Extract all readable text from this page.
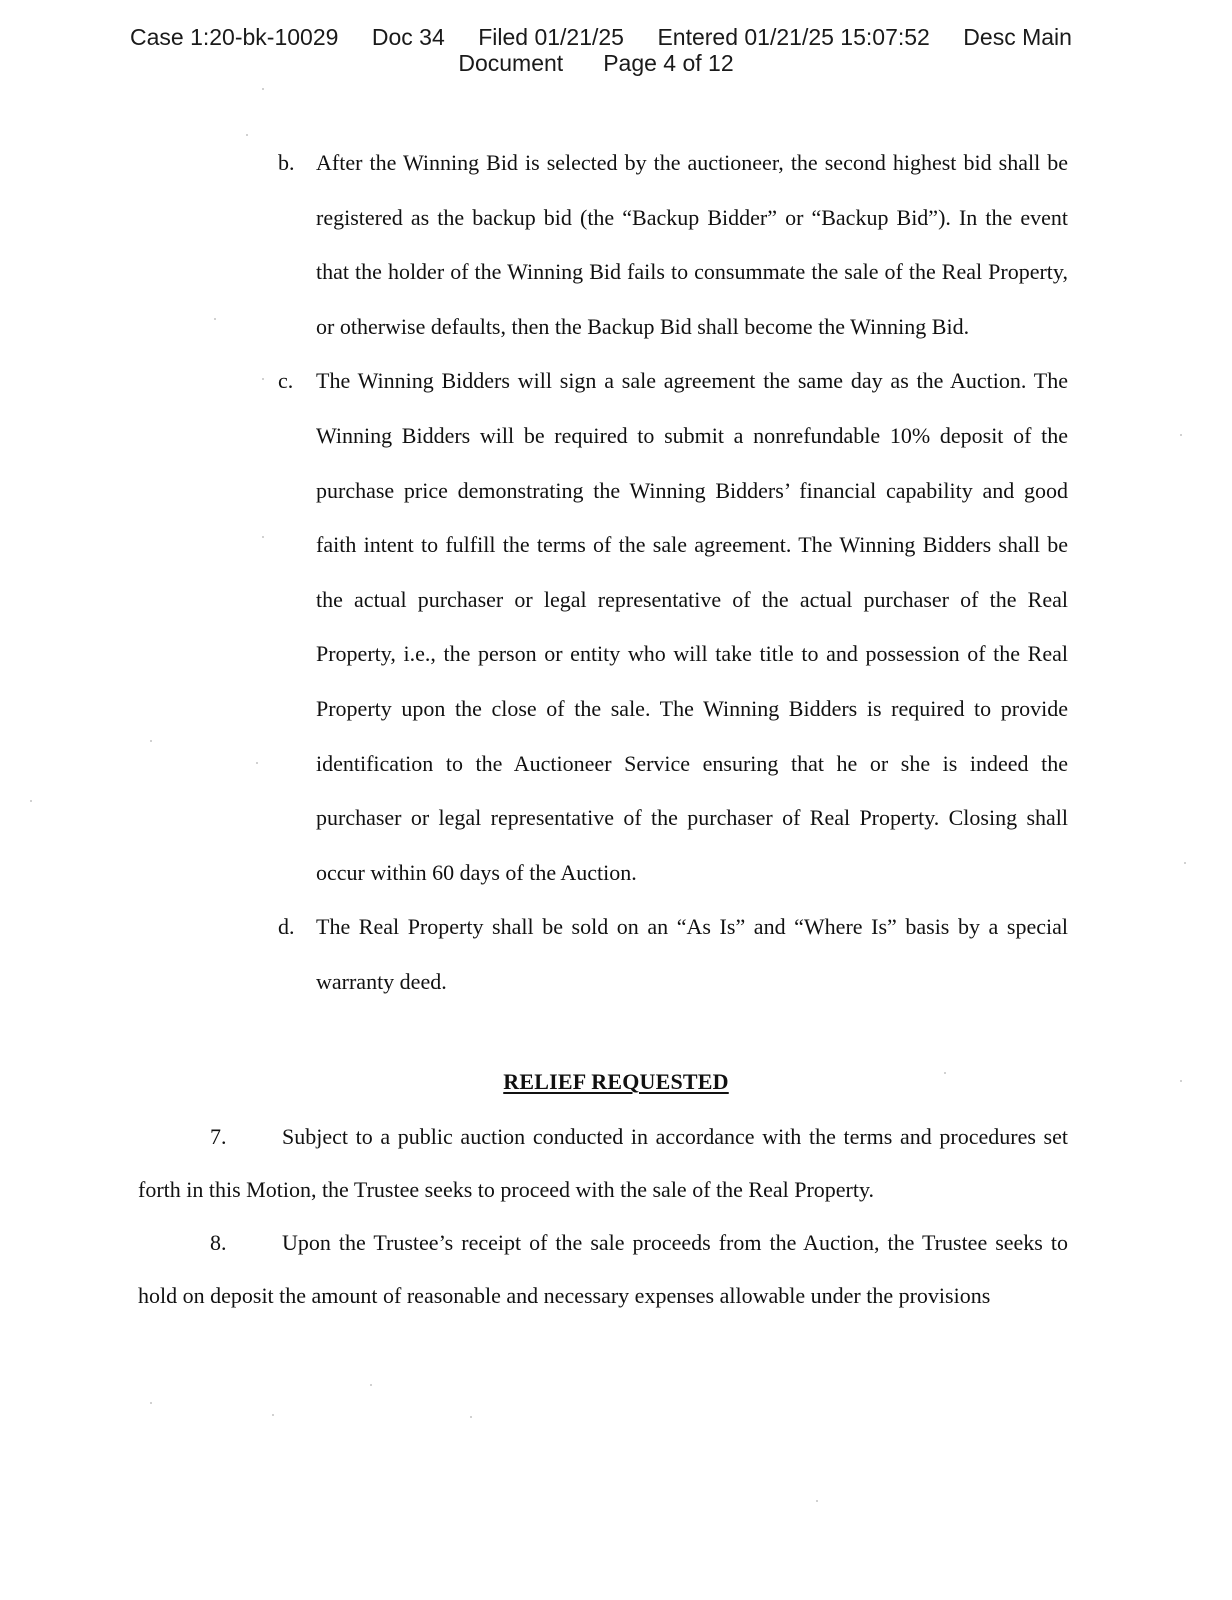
Case 1:20-bk-10029 Doc 34 Filed 01/21/25 Entered 01/21/25 15:07:52 Desc Main
Document Page 4 of 12
b. After the Winning Bid is selected by the auctioneer, the second highest bid shall be registered as the backup bid (the “Backup Bidder” or “Backup Bid”). In the event that the holder of the Winning Bid fails to consummate the sale of the Real Property, or otherwise defaults, then the Backup Bid shall become the Winning Bid.
c.	The Winning Bidders will sign a sale agreement the same day as the Auction. The Winning Bidders will be required to submit a nonrefundable 10% deposit of the purchase price demonstrating the Winning Bidders’ financial capability and good faith intent to fulfill the terms of the sale agreement. The Winning Bidders shall be the actual purchaser or legal representative of the actual purchaser of the Real Property, i.e., the person or entity who will take title to and possession of the Real Property upon the close of the sale. The Winning Bidders is required to provide identification to the Auctioneer Service ensuring that he or she is indeed the purchaser or legal representative of the purchaser of Real Property. Closing shall occur within 60 days of the Auction.
d. The Real Property shall be sold on an “As Is” and “Where Is” basis by a special warranty deed.
RELIEF REQUESTED
7.	Subject to a public auction conducted in accordance with the terms and procedures set forth in this Motion, the Trustee seeks to proceed with the sale of the Real Property.
8.	Upon the Trustee’s receipt of the sale proceeds from the Auction, the Trustee seeks to hold on deposit the amount of reasonable and necessary expenses allowable under the provisions
